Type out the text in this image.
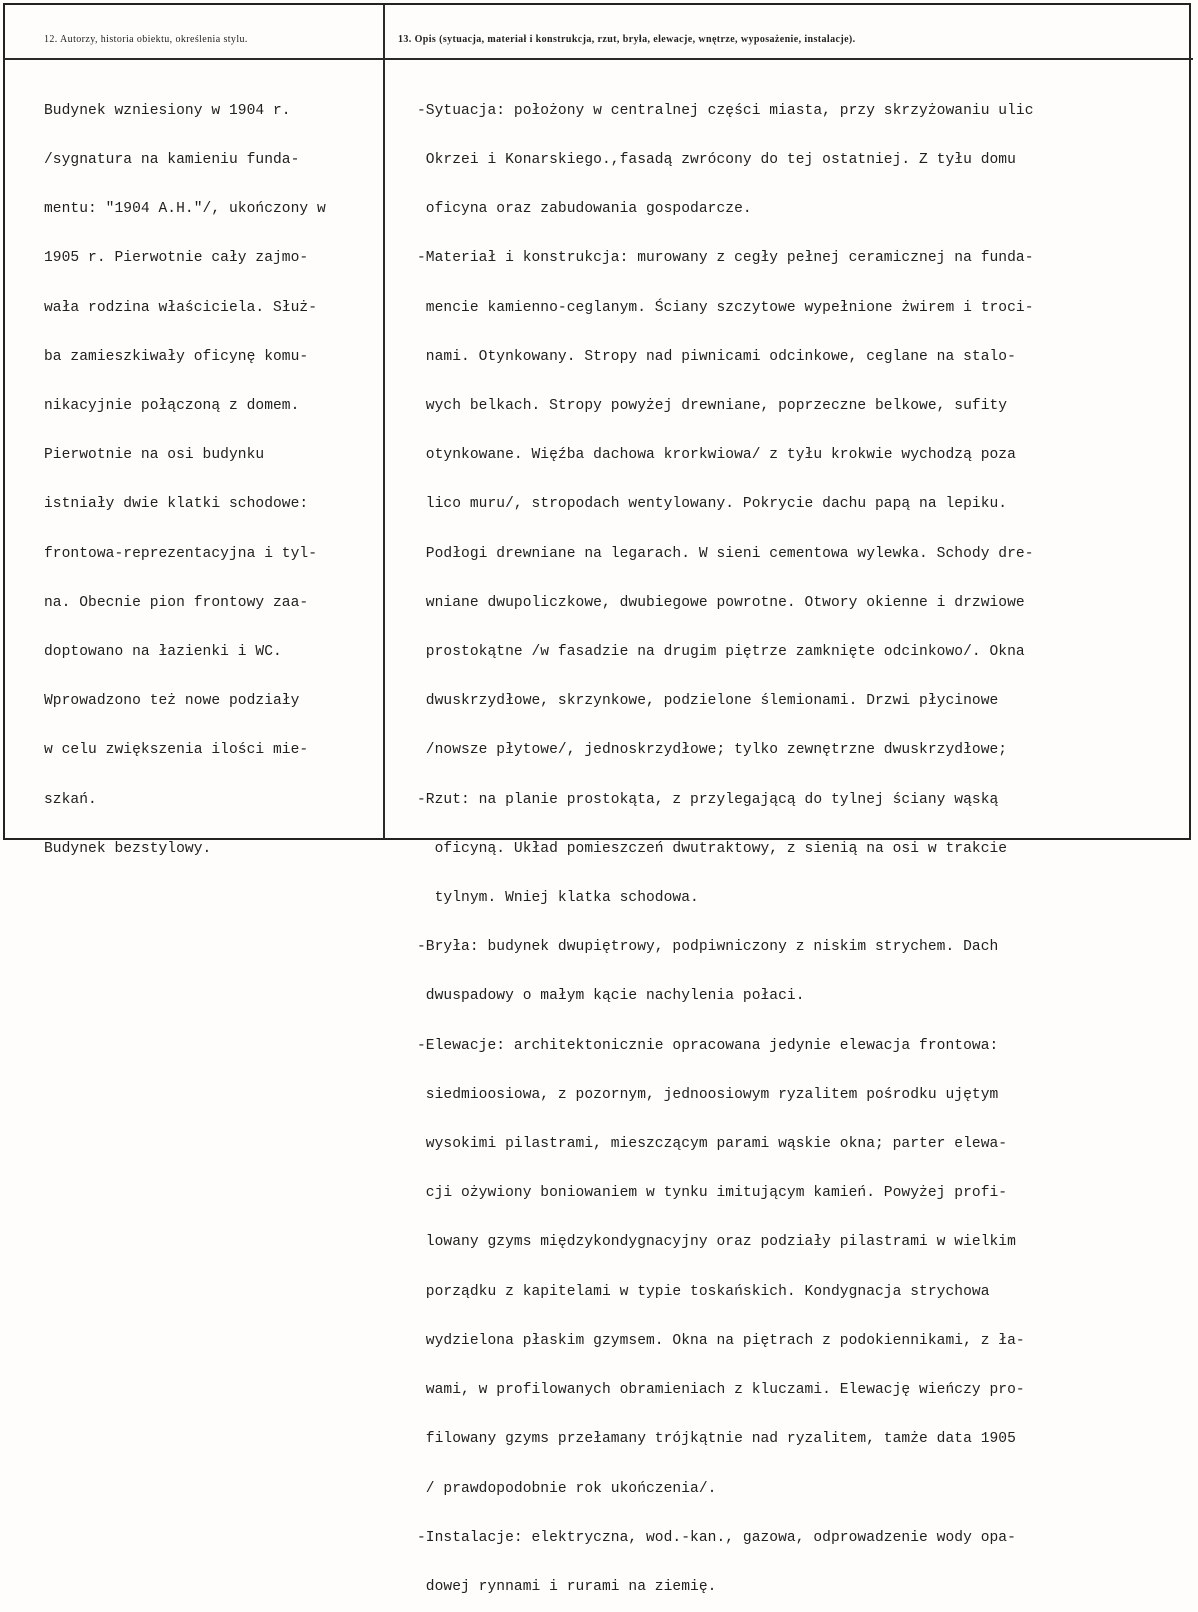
12. Autorzy, historia obiektu, określenia stylu.	13. Opis (sytuacja, materiał i konstrukcja, rzut, bryła, elewacje, wnętrze, wyposażenie, instalacje).

Budynek wzniesiony w 1904 r.

/sygnatura na kamieniu funda-

mentu: "1904 A.H."/, ukończony w

1905 r. Pierwotnie cały zajmo-

wała rodzina właściciela. Służ-

ba zamieszkiwały oficynę komu-

nikacyjnie połączoną z domem.

Pierwotnie na osi budynku

istniały dwie klatki schodowe:

frontowa-reprezentacyjna i tyl-

na. Obecnie pion frontowy zaa-

doptowano na łazienki i WC.

Wprowadzono też nowe podziały

w celu zwiększenia ilości mie-

szkań.

Budynek bezstylowy.

-Sytuacja: położony w centralnej części miasta, przy skrzyżowaniu ulic

Okrzei i Konarskiego.,fasadą zwrócony do tej ostatniej. Z tyłu domu

oficyna oraz zabudowania gospodarcze.

-Materiał i konstrukcja: murowany z cegły pełnej ceramicznej na funda-

mencie kamienno-ceglanym. Ściany szczytowe wypełnione żwirem i troci-

nami. Otynkowany. Stropy nad piwnicami odcinkowe, ceglane na stalo-

wych belkach. Stropy powyżej drewniane, poprzeczne belkowe, sufity

otynkowane. Więźba dachowa krorkwiowa/ z tyłu krokwie wychodzą poza

lico muru/, stropodach wentylowany. Pokrycie dachu papą na lepiku.

Podłogi drewniane na legarach. W sieni cementowa wylewka. Schody dre-

wniane dwupoliczkowe, dwubiegowe powrotne. Otwory okienne i drzwiowe

prostokątne /w fasadzie na drugim piętrze zamknięte odcinkowo/. Okna

dwuskrzydłowe, skrzynkowe, podzielone ślemionami. Drzwi płycinowe

/nowsze płytowe/, jednoskrzydłowe; tylko zewnętrzne dwuskrzydłowe;

-Rzut: na planie prostokąta, z przylegającą do tylnej ściany wąską

oficyną. Układ pomieszczeń dwutraktowy, z sienią na osi w trakcie

tylnym. Wniej klatka schodowa.

-Bryła: budynek dwupiętrowy, podpiwniczony z niskim strychem. Dach

dwuspadowy o małym kącie nachylenia połaci.

-Elewacje: architektonicznie opracowana jedynie elewacja frontowa:

siedmioosiowa, z pozornym, jednoosiowym ryzalitem pośrodku ujętym

wysokimi pilastrami, mieszczącym parami wąskie okna; parter elewa-

cji ożywiony boniowaniem w tynku imitującym kamień. Powyżej profi-

lowany gzyms międzykondygnacyjny oraz podziały pilastrami w wielkim

porządku z kapitelami w typie toskańskich. Kondygnacja strychowa

wydzielona płaskim gzymsem. Okna na piętrach z podokiennikami, z ła-

wami, w profilowanych obramieniach z kluczami. Elewację wieńczy pro-

filowany gzyms przełamany trójkątnie nad ryzalitem, tamże data 1905

/ prawdopodobnie rok ukończenia/.

-Instalacje: elektryczna, wod.-kan., gazowa, odprowadzenie wody opa-

dowej rynnami i rurami na ziemię.
